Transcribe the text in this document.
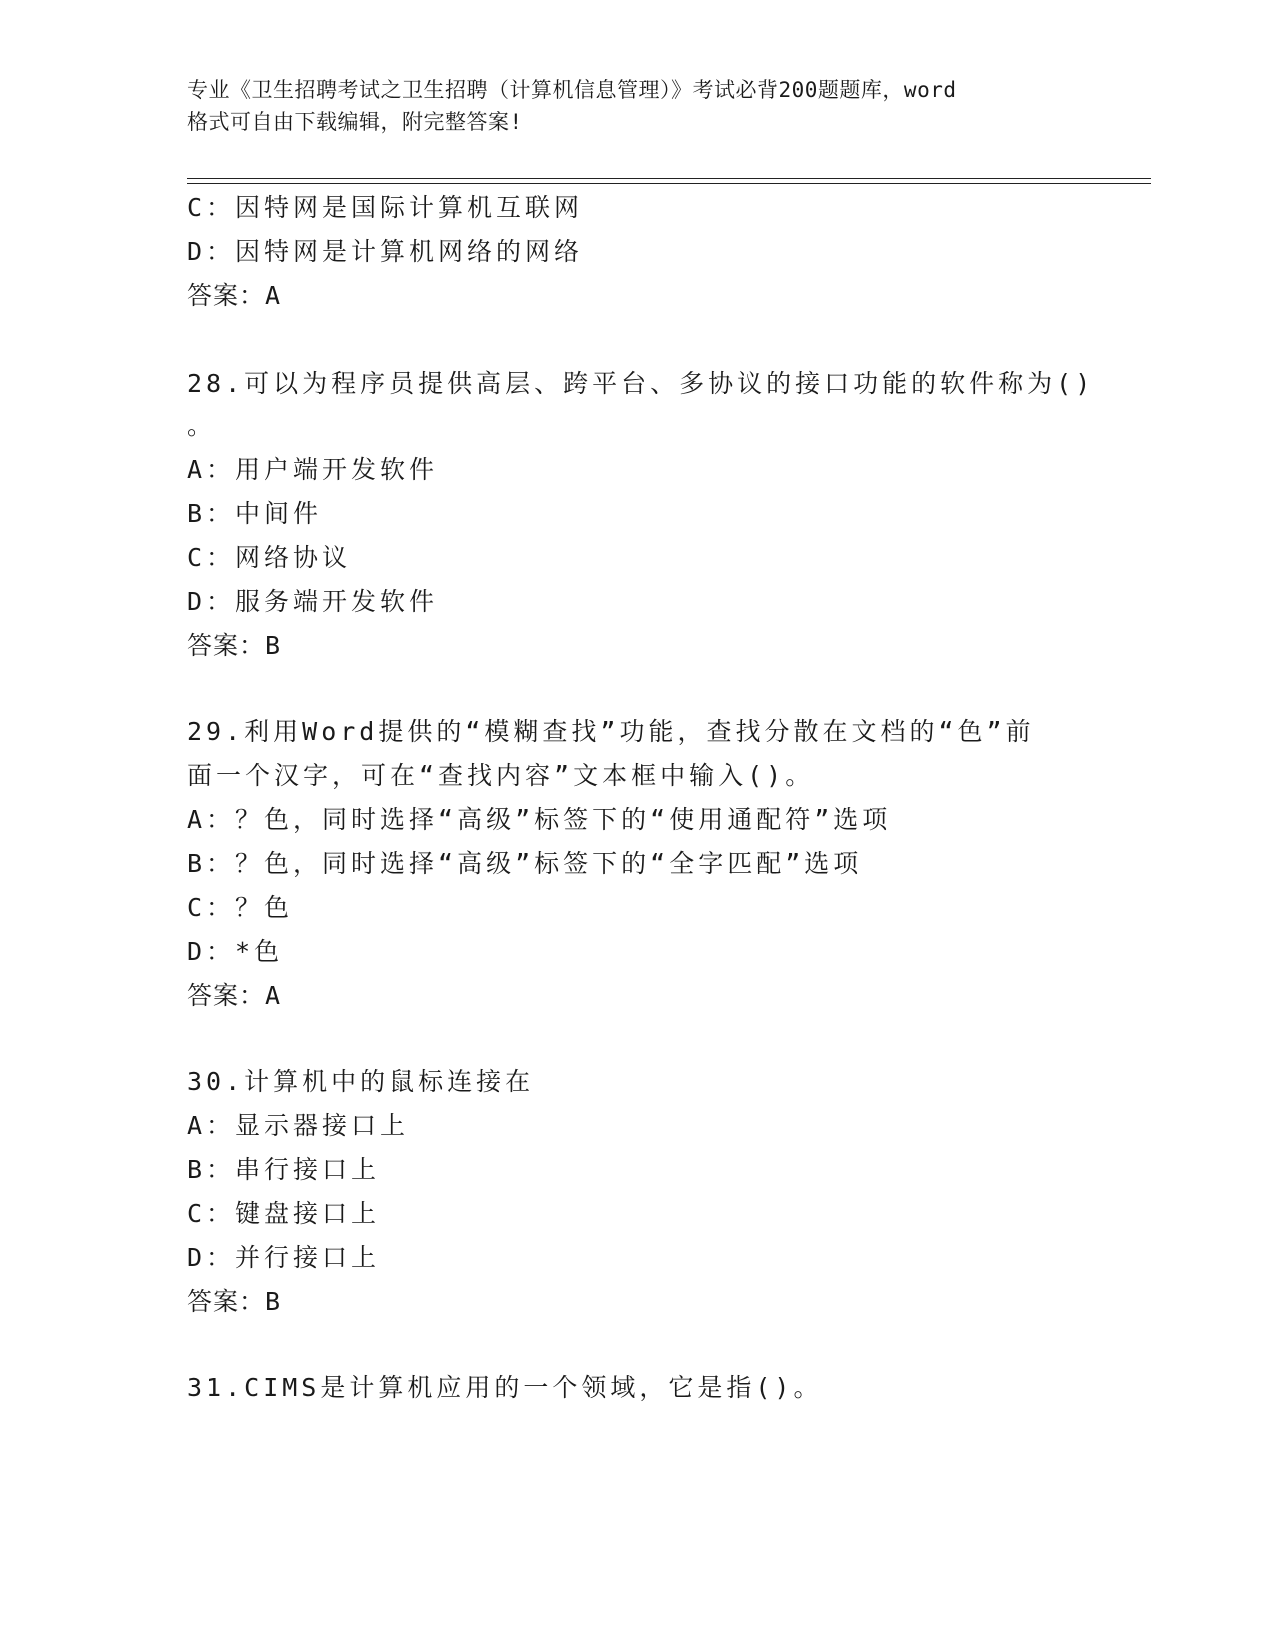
专业《卫生招聘考试之卫生招聘（计算机信息管理）》考试必背200题题库，word
格式可自由下载编辑，附完整答案!
C：因特网是国际计算机互联网
D：因特网是计算机网络的网络
答案：A
28.可以为程序员提供高层、跨平台、多协议的接口功能的软件称为()
。
A：用户端开发软件
B：中间件
C：网络协议
D：服务端开发软件
答案：B
29.利用Word提供的“模糊查找”功能，查找分散在文档的“色”前
面一个汉字，可在“查找内容”文本框中输入()。
A：？色，同时选择“高级”标签下的“使用通配符”选项
B：？色，同时选择“高级”标签下的“全字匹配”选项
C：？色
D：*色
答案：A
30.计算机中的鼠标连接在
A：显示器接口上
B：串行接口上
C：键盘接口上
D：并行接口上
答案：B
31.CIMS是计算机应用的一个领域，它是指()。
